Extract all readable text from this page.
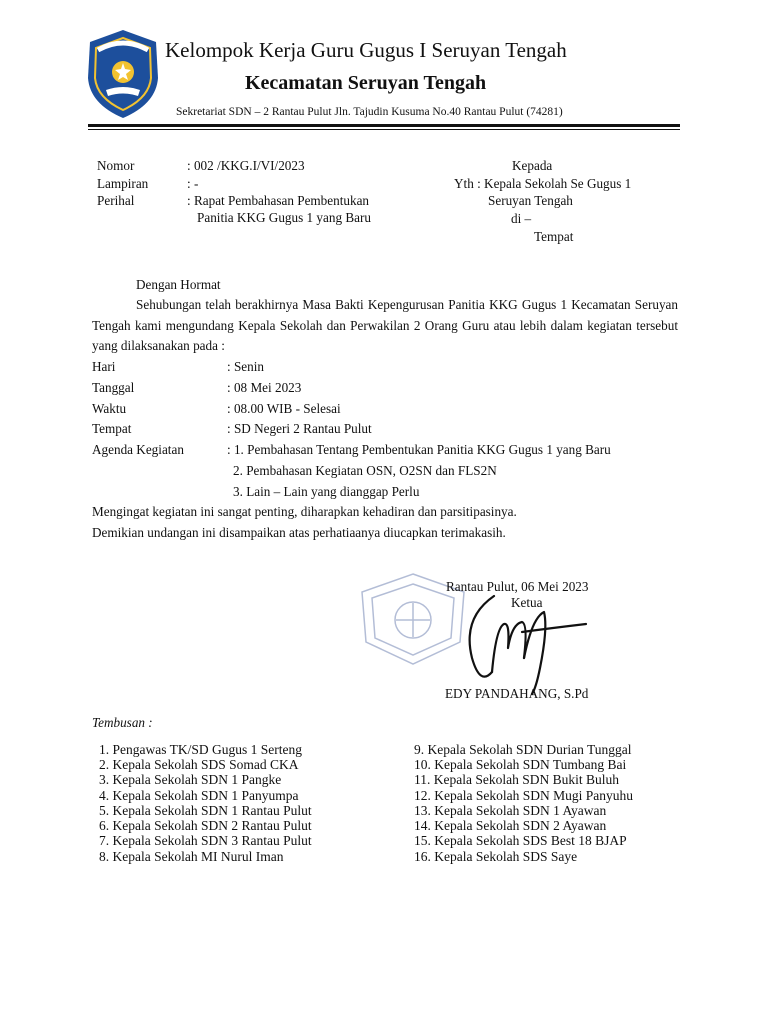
Kelompok Kerja Guru Gugus I Seruyan Tengah
Kecamatan Seruyan Tengah
Sekretariat SDN – 2 Rantau Pulut Jln. Tajudin Kusuma No.40 Rantau Pulut (74281)
Nomor	: 002 /KKG.I/VI/2023
Lampiran	: -
Perihal	: Rapat Pembahasan Pembentukan
Panitia KKG Gugus 1 yang Baru
Kepada
Yth : Kepala Sekolah Se Gugus 1
Seruyan Tengah
di –
Tempat
Dengan Hormat
Sehubungan telah berakhirnya Masa Bakti Kepengurusan Panitia KKG Gugus 1 Kecamatan Seruyan Tengah kami mengundang Kepala Sekolah dan Perwakilan 2 Orang Guru atau lebih dalam kegiatan tersebut yang dilaksanakan pada :
Hari	: Senin
Tanggal	: 08 Mei 2023
Waktu	: 08.00 WIB - Selesai
Tempat	: SD Negeri 2 Rantau Pulut
Agenda Kegiatan	: 1. Pembahasan Tentang Pembentukan Panitia KKG Gugus 1 yang Baru
2. Pembahasan Kegiatan OSN, O2SN dan FLS2N
3. Lain – Lain yang dianggap Perlu
Mengingat kegiatan ini sangat penting, diharapkan kehadiran dan parsitipasinya.
Demikian undangan ini disampaikan atas perhatiaanya diucapkan terimakasih.
Rantau Pulut, 06 Mei 2023
Ketua
EDY PANDAHANG, S.Pd
Tembusan :
1. Pengawas TK/SD Gugus 1 Serteng
2. Kepala Sekolah SDS Somad CKA
3. Kepala Sekolah SDN 1 Pangke
4. Kepala Sekolah SDN 1 Panyumpa
5. Kepala Sekolah SDN 1 Rantau Pulut
6. Kepala Sekolah SDN 2 Rantau Pulut
7. Kepala Sekolah SDN 3 Rantau Pulut
8. Kepala Sekolah MI Nurul Iman
9. Kepala Sekolah SDN Durian Tunggal
10. Kepala Sekolah SDN Tumbang Bai
11. Kepala Sekolah SDN Bukit Buluh
12. Kepala Sekolah SDN Mugi Panyuhu
13. Kepala Sekolah SDN 1 Ayawan
14. Kepala Sekolah SDN 2 Ayawan
15. Kepala Sekolah SDS Best 18 BJAP
16. Kepala Sekolah SDS Saye
